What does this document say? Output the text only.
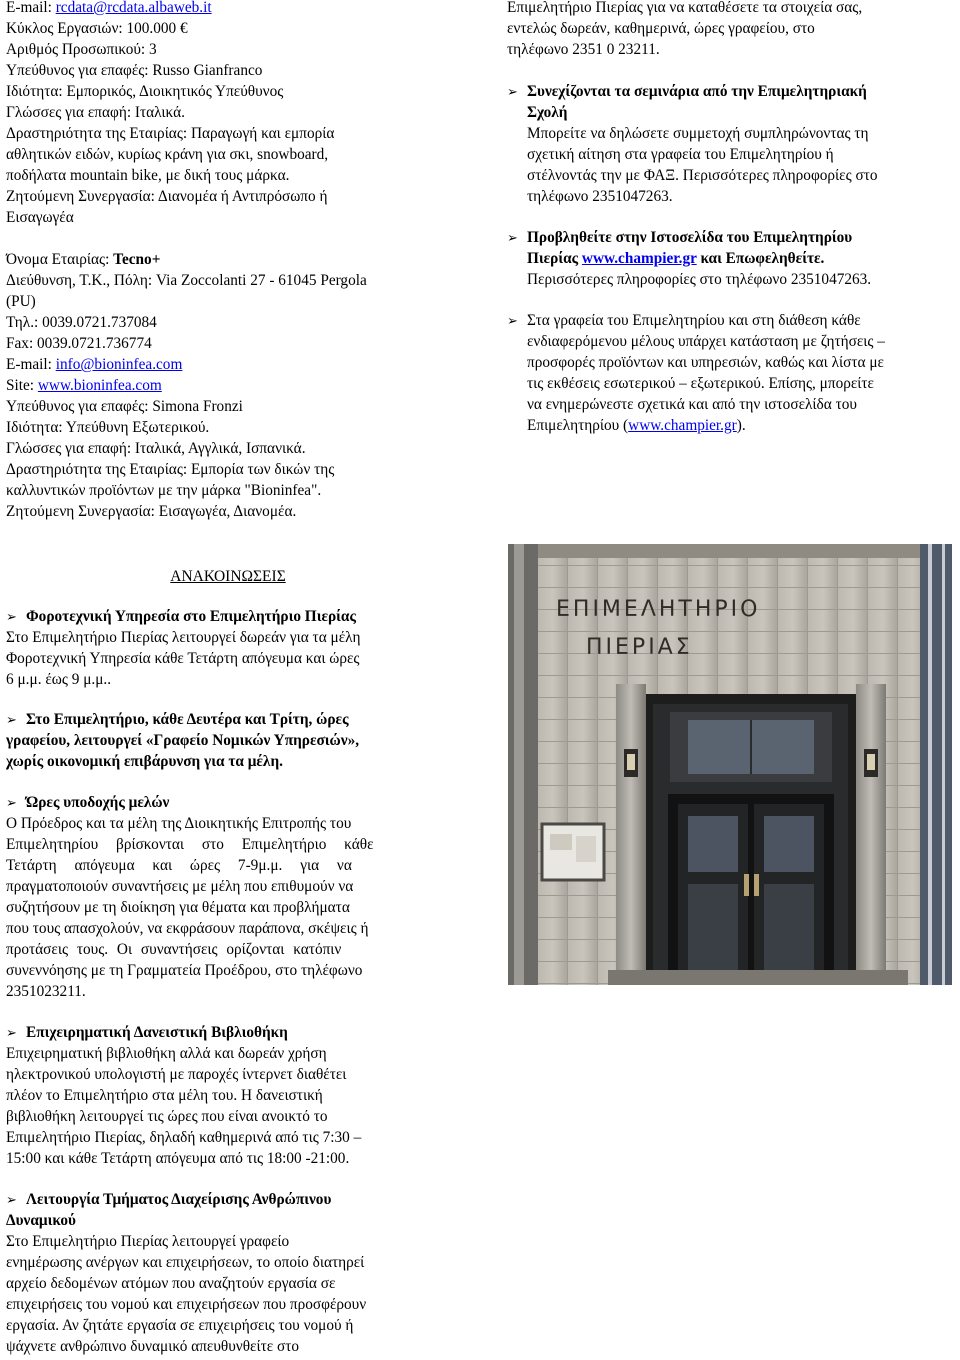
E-mail: rcdata@rcdata.albaweb.it

Κύκλος Εργασιών: 100.000 €

Αριθμός Προσωπικού: 3

Υπεύθυνος για επαφές: Russo Gianfranco

Ιδιότητα: Εμπορικός, Διοικητικός Υπεύθυνος

Γλώσσες για επαφή: Ιταλικά.

Δραστηριότητα της Εταιρίας: Παραγωγή και εμπορία

αθλητικών ειδών, κυρίως κράνη για σκι, snowboard,

ποδήλατα mountain bike, με δική τους μάρκα.

Ζητούμενη Συνεργασία: Διανομέα ή Αντιπρόσωπο ή

Εισαγωγέα

Όνομα Εταιρίας: Tecno+

Διεύθυνση, Τ.Κ., Πόλη: Via Zoccolanti 27 - 61045 Pergola

(PU)

Τηλ.: 0039.0721.737084

Fax: 0039.0721.736774

E-mail: info@bioninfea.com

Site: www.bioninfea.com

Υπεύθυνος για επαφές: Simona Fronzi

Ιδιότητα: Υπεύθυνη Εξωτερικού.

Γλώσσες για επαφή: Ιταλικά, Αγγλικά, Ισπανικά.

Δραστηριότητα της Εταιρίας: Εμπορία των δικών της

καλλυντικών προϊόντων με την μάρκα "Bioninfea".

Ζητούμενη Συνεργασία: Εισαγωγέα, Διανομέα.

Επιμελητήριο Πιερίας για να καταθέσετε τα στοιχεία σας,

εντελώς δωρεάν, καθημερινά, ώρες γραφείου, στο

τηλέφωνο 2351 0 23211.

➢ Συνεχίζονται τα σεμινάρια από την Επιμελητηριακή

Σχολή

Μπορείτε να δηλώσετε συμμετοχή συμπληρώνοντας τη

σχετική αίτηση στα γραφεία του Επιμελητηρίου ή

στέλνοντάς την με ΦΑΞ. Περισσότερες πληροφορίες στο

τηλέφωνο 2351047263.

➢ Προβληθείτε στην Ιστοσελίδα του Επιμελητηρίου

Πιερίας www.champier.gr και Επωφεληθείτε.

Περισσότερες πληροφορίες στο τηλέφωνο 2351047263.

➢ Στα γραφεία του Επιμελητηρίου και στη διάθεση κάθε

ενδιαφερόμενου μέλους υπάρχει κατάσταση με ζητήσεις –

προσφορές προϊόντων και υπηρεσιών, καθώς και λίστα με

τις εκθέσεις εσωτερικού – εξωτερικού. Επίσης, μπορείτε

να ενημερώνεστε σχετικά και από την ιστοσελίδα του

Επιμελητηρίου (www.champier.gr).

ΑΝΑΚΟΙΝΩΣΕΙΣ

➢ Φοροτεχνική Υπηρεσία στο Επιμελητήριο Πιερίας

Στο Επιμελητήριο Πιερίας λειτουργεί δωρεάν για τα μέλη

Φοροτεχνική Υπηρεσία κάθε Τετάρτη απόγευμα και ώρες

6 μ.μ. έως 9 μ.μ..

➢ Στο Επιμελητήριο, κάθε Δευτέρα και Τρίτη, ώρες

γραφείου, λειτουργεί «Γραφείο Νομικών Υπηρεσιών»,

χωρίς οικονομική επιβάρυνση για τα μέλη.

➢ Ώρες υποδοχής μελών

Ο Πρόεδρος και τα μέλη της Διοικητικής Επιτροπής του

Επιμελητηρίου βρίσκονται στο Επιμελητήριο κάθε

Τετάρτη απόγευμα και ώρες 7-9μ.μ. για να

πραγματοποιούν συναντήσεις με μέλη που επιθυμούν να

συζητήσουν με τη διοίκηση για θέματα και προβλήματα

που τους απασχολούν, να εκφράσουν παράπονα, σκέψεις ή

προτάσεις τους. Οι συναντήσεις ορίζονται κατόπιν

συνεννόησης με τη Γραμματεία Προέδρου, στο τηλέφωνο

2351023211.

➢ Επιχειρηματική Δανειστική Βιβλιοθήκη

Επιχειρηματική βιβλιοθήκη αλλά και δωρεάν χρήση

ηλεκτρονικού υπολογιστή με παροχές ίντερνετ διαθέτει

πλέον το Επιμελητήριο στα μέλη του. Η δανειστική

βιβλιοθήκη λειτουργεί τις ώρες που είναι ανοικτό το

Επιμελητήριο Πιερίας, δηλαδή καθημερινά από τις 7:30 –

15:00 και κάθε Τετάρτη απόγευμα από τις 18:00 -21:00.

➢ Λειτουργία Τμήματος Διαχείρισης Ανθρώπινου

Δυναμικού

Στο Επιμελητήριο Πιερίας λειτουργεί γραφείο

ενημέρωσης ανέργων και επιχειρήσεων, το οποίο διατηρεί

αρχείο δεδομένων ατόμων που αναζητούν εργασία σε

επιχειρήσεις του νομού και επιχειρήσεων που προσφέρουν

εργασία. Αν ζητάτε εργασία σε επιχειρήσεις του νομού ή

ψάχνετε ανθρώπινο δυναμικό απευθυνθείτε στο

ΕΠΙΜΕΛΗΤΗΡΙΟ
ΠΙΕΡΙΑΣ
